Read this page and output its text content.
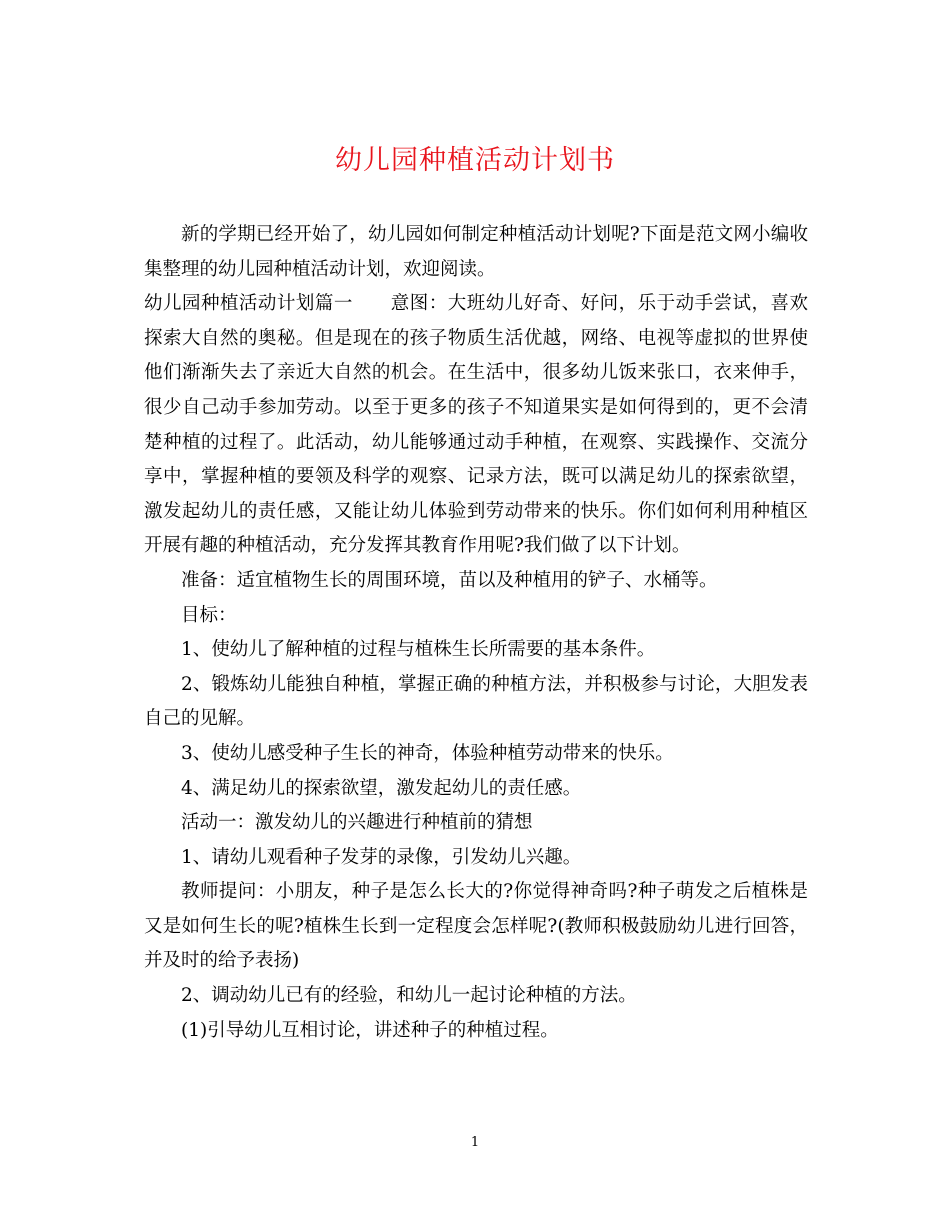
幼儿园种植活动计划书

新的学期已经开始了，幼儿园如何制定种植活动计划呢?下面是范文网小编收集整理的幼儿园种植活动计划，欢迎阅读。

幼儿园种植活动计划篇一　　意图：大班幼儿好奇、好问，乐于动手尝试，喜欢探索大自然的奥秘。但是现在的孩子物质生活优越，网络、电视等虚拟的世界使他们渐渐失去了亲近大自然的机会。在生活中，很多幼儿饭来张口，衣来伸手，很少自己动手参加劳动。以至于更多的孩子不知道果实是如何得到的，更不会清楚种植的过程了。此活动，幼儿能够通过动手种植，在观察、实践操作、交流分享中，掌握种植的要领及科学的观察、记录方法，既可以满足幼儿的探索欲望，激发起幼儿的责任感，又能让幼儿体验到劳动带来的快乐。你们如何利用种植区开展有趣的种植活动，充分发挥其教育作用呢?我们做了以下计划。

准备：适宜植物生长的周围环境，苗以及种植用的铲子、水桶等。

目标：

1、使幼儿了解种植的过程与植株生长所需要的基本条件。

2、锻炼幼儿能独自种植，掌握正确的种植方法，并积极参与讨论，大胆发表自己的见解。

3、使幼儿感受种子生长的神奇，体验种植劳动带来的快乐。

4、满足幼儿的探索欲望，激发起幼儿的责任感。

活动一：激发幼儿的兴趣进行种植前的猜想

1、请幼儿观看种子发芽的录像，引发幼儿兴趣。

教师提问：小朋友，种子是怎么长大的?你觉得神奇吗?种子萌发之后植株是又是如何生长的呢?植株生长到一定程度会怎样呢?(教师积极鼓励幼儿进行回答，并及时的给予表扬)

2、调动幼儿已有的经验，和幼儿一起讨论种植的方法。

(1)引导幼儿互相讨论，讲述种子的种植过程。

1
